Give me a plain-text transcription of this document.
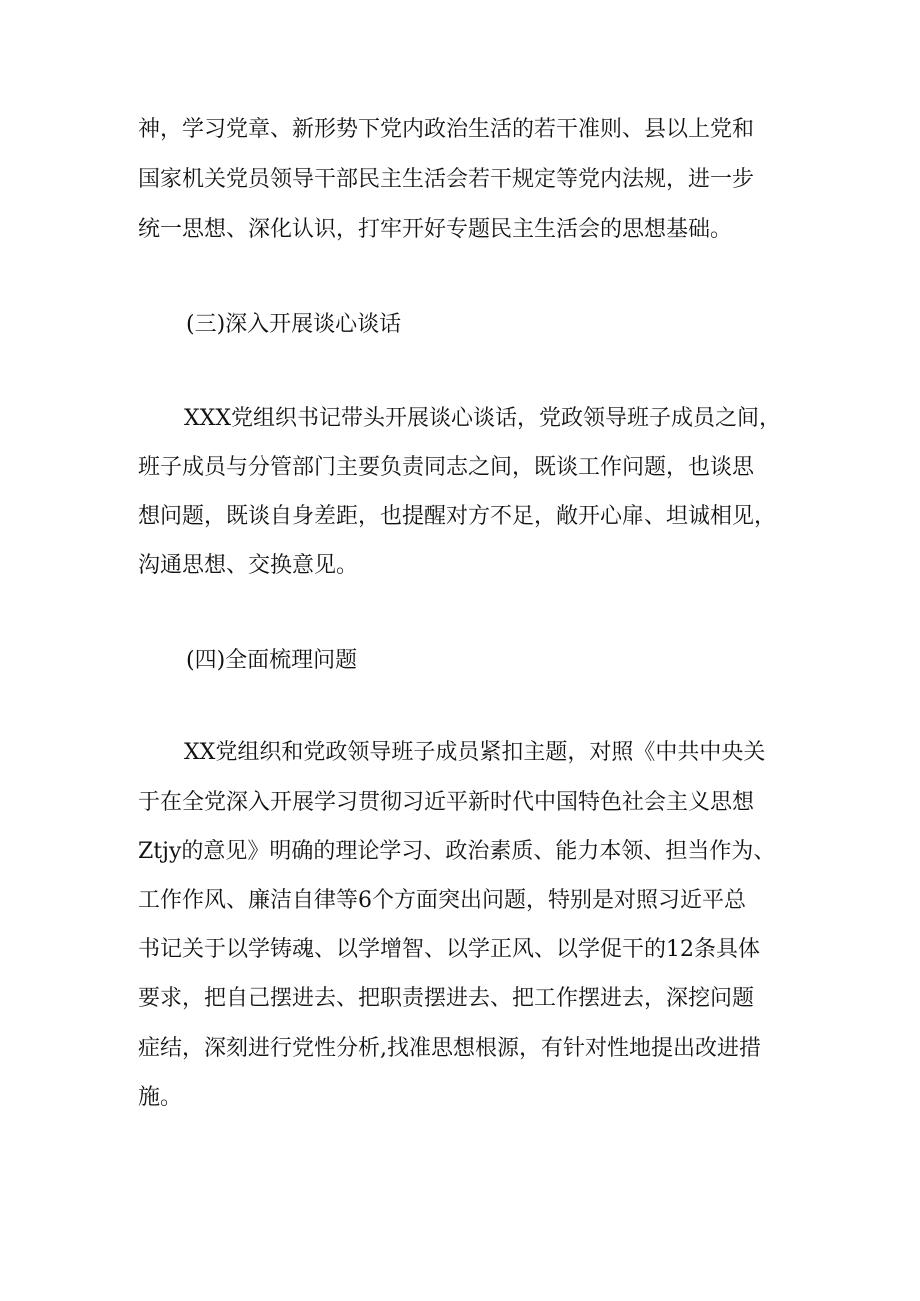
神，学习党章、新形势下党内政治生活的若干准则、县以上党和
国家机关党员领导干部民主生活会若干规定等党内法规，进一步
统一思想、深化认识，打牢开好专题民主生活会的思想基础。
(三)深入开展谈心谈话
XXX党组织书记带头开展谈心谈话，党政领导班子成员之间，
班子成员与分管部门主要负责同志之间，既谈工作问题，也谈思
想问题，既谈自身差距，也提醒对方不足，敞开心扉、坦诚相见，
沟通思想、交换意见。
(四)全面梳理问题
XX党组织和党政领导班子成员紧扣主题，对照《中共中央关
于在全党深入开展学习贯彻习近平新时代中国特色社会主义思想
Ztjy的意见》明确的理论学习、政治素质、能力本领、担当作为、
工作作风、廉洁自律等6个方面突出问题，特别是对照习近平总
书记关于以学铸魂、以学增智、以学正风、以学促干的12条具体
要求，把自己摆进去、把职责摆进去、把工作摆进去，深挖问题
症结，深刻进行党性分析,找准思想根源，有针对性地提出改进措
施。
